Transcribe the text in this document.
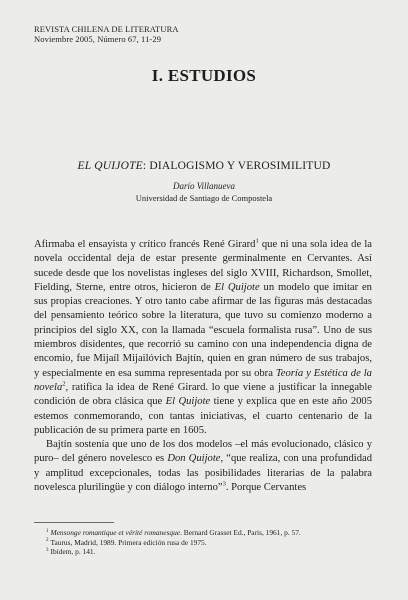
REVISTA CHILENA DE LITERATURA
Noviembre 2005, Número 67, 11-29
I. ESTUDIOS
EL QUIJOTE: DIALOGISMO Y VEROSIMILITUD
Darío Villanueva
Universidad de Santiago de Compostela

Afirmaba el ensayista y crítico francés René Girard$^1$ que ni una sola idea de la novela occidental deja de estar presente germinalmente en Cervantes. Así sucede desde que los novelistas ingleses del siglo XVIII, Richardson, Smollet, Fielding, Sterne, entre otros, hicieron de El Quijote un modelo que imitar en sus propias creaciones. Y otro tanto cabe afirmar de las figuras más destacadas del pensamiento teórico sobre la literatura, que tuvo su comienzo moderno a principios del siglo XX, con la llamada “escuela formalista rusa”. Uno de sus miembros disidentes, que recorrió su camino con una independencia digna de encomio, fue Mijaíl Mijailóvich Bajtín, quien en gran número de sus trabajos, y especialmente en esa summa representada por su obra Teoría y Estética de la novela$^2$, ratifica la idea de René Girard. lo que viene a justificar la innegable condición de obra clásica que El Quijote tiene y explica que en este año 2005 estemos conmemorando, con tantas iniciativas, el cuarto centenario de la publicación de su primera parte en 1605.

Bajtín sostenía que uno de los dos modelos –el más evolucionado, clásico y puro– del género novelesco es Don Quijote, “que realiza, con una profundidad y amplitud excepcionales, todas las posibilidades literarias de la palabra novelesca plurilingüe y con diálogo interno”$^3$. Porque Cervantes

$^1$ Mensonge romantique et vérité romanesque. Bernard Grasset Ed., Paris, 1961, p. 57.
$^2$ Taurus, Madrid, 1989. Primera edición rusa de 1975.
$^3$ Ibídem, p. 141.
